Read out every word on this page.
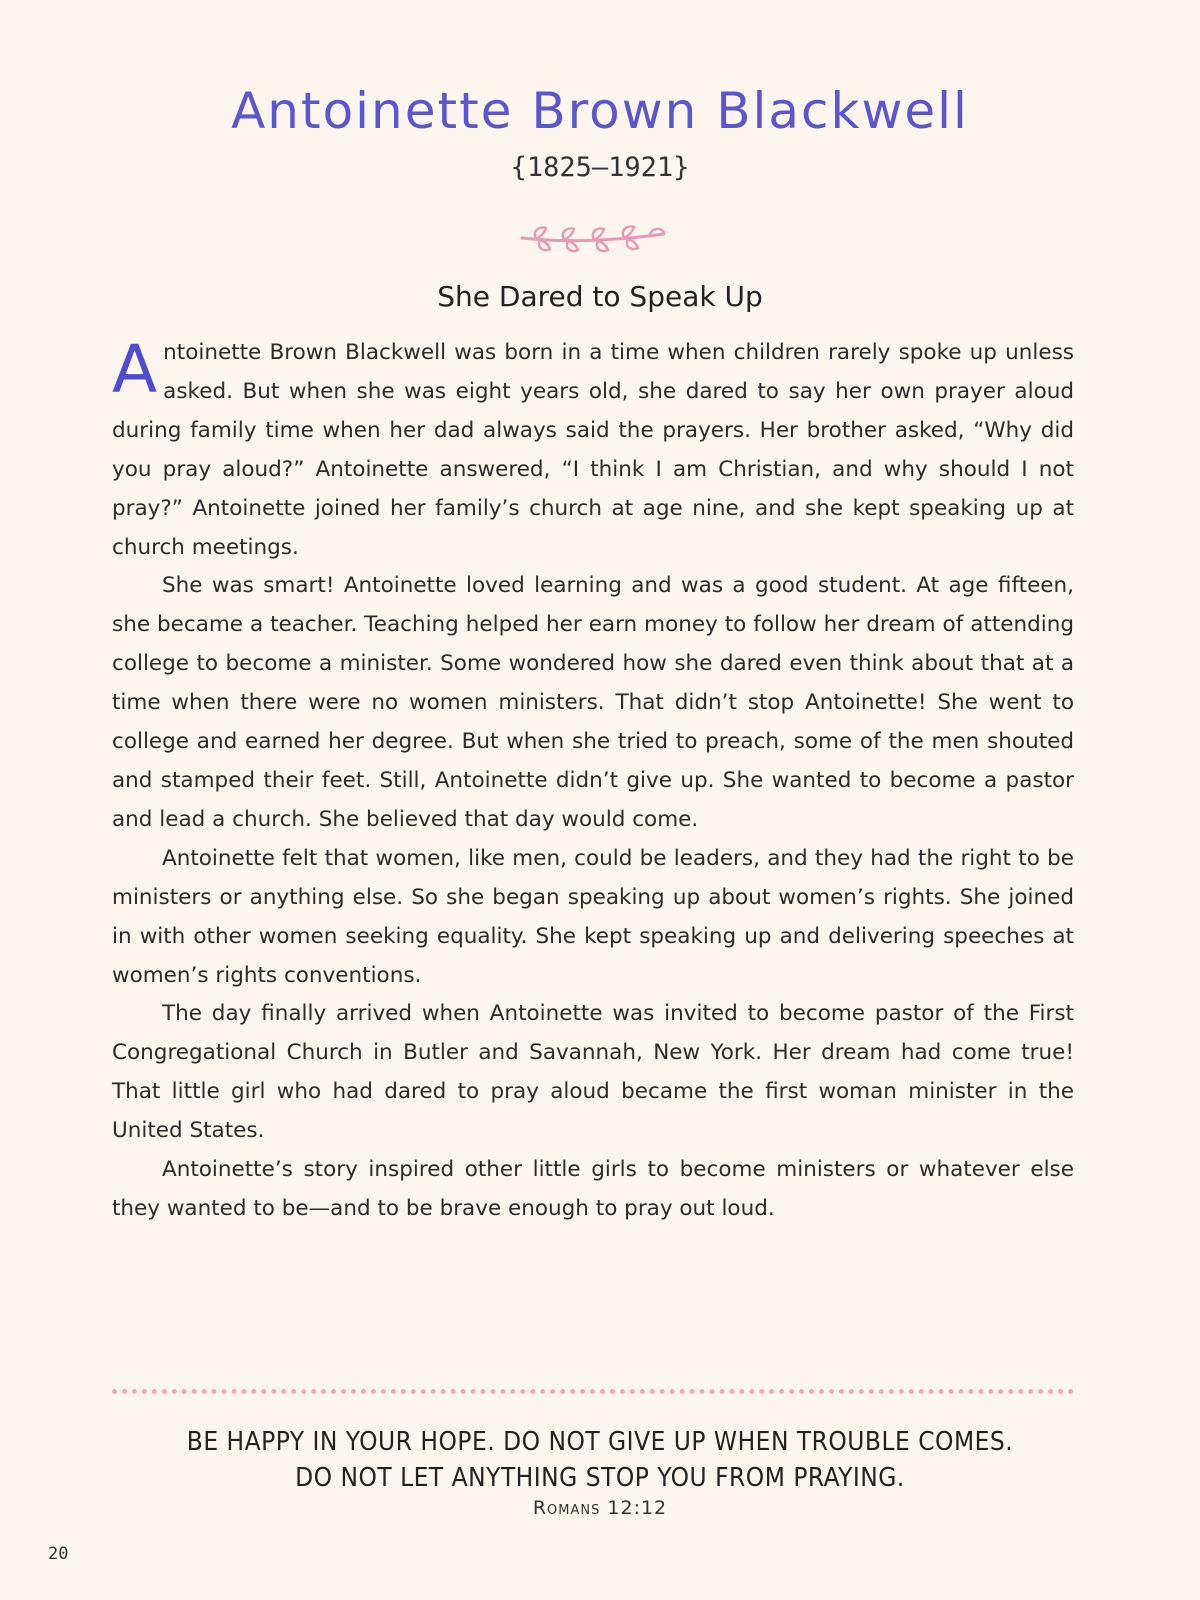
Antoinette Brown Blackwell
{1825–1921}
She Dared to Speak Up

Antoinette Brown Blackwell was born in a time when children rarely spoke up unless asked. But when she was eight years old, she dared to say her own prayer aloud during family time when her dad always said the prayers. Her brother asked, “Why did you pray aloud?” Antoinette answered, “I think I am Christian, and why should I not pray?” Antoinette joined her family’s church at age nine, and she kept speaking up at church meetings.

She was smart! Antoinette loved learning and was a good student. At age fifteen, she became a teacher. Teaching helped her earn money to follow her dream of attending college to become a minister. Some wondered how she dared even think about that at a time when there were no women ministers. That didn’t stop Antoinette! She went to college and earned her degree. But when she tried to preach, some of the men shouted and stamped their feet. Still, Antoinette didn’t give up. She wanted to become a pastor and lead a church. She believed that day would come.

Antoinette felt that women, like men, could be leaders, and they had the right to be ministers or anything else. So she began speaking up about women’s rights. She joined in with other women seeking equality. She kept speaking up and delivering speeches at women’s rights conventions.

The day finally arrived when Antoinette was invited to become pastor of the First Congregational Church in Butler and Savannah, New York. Her dream had come true! That little girl who had dared to pray aloud became the first woman minister in the United States.

Antoinette’s story inspired other little girls to become ministers or whatever else they wanted to be—and to be brave enough to pray out loud.

BE HAPPY IN YOUR HOPE. DO NOT GIVE UP WHEN TROUBLE COMES.
DO NOT LET ANYTHING STOP YOU FROM PRAYING.
Romans 12:12
20
